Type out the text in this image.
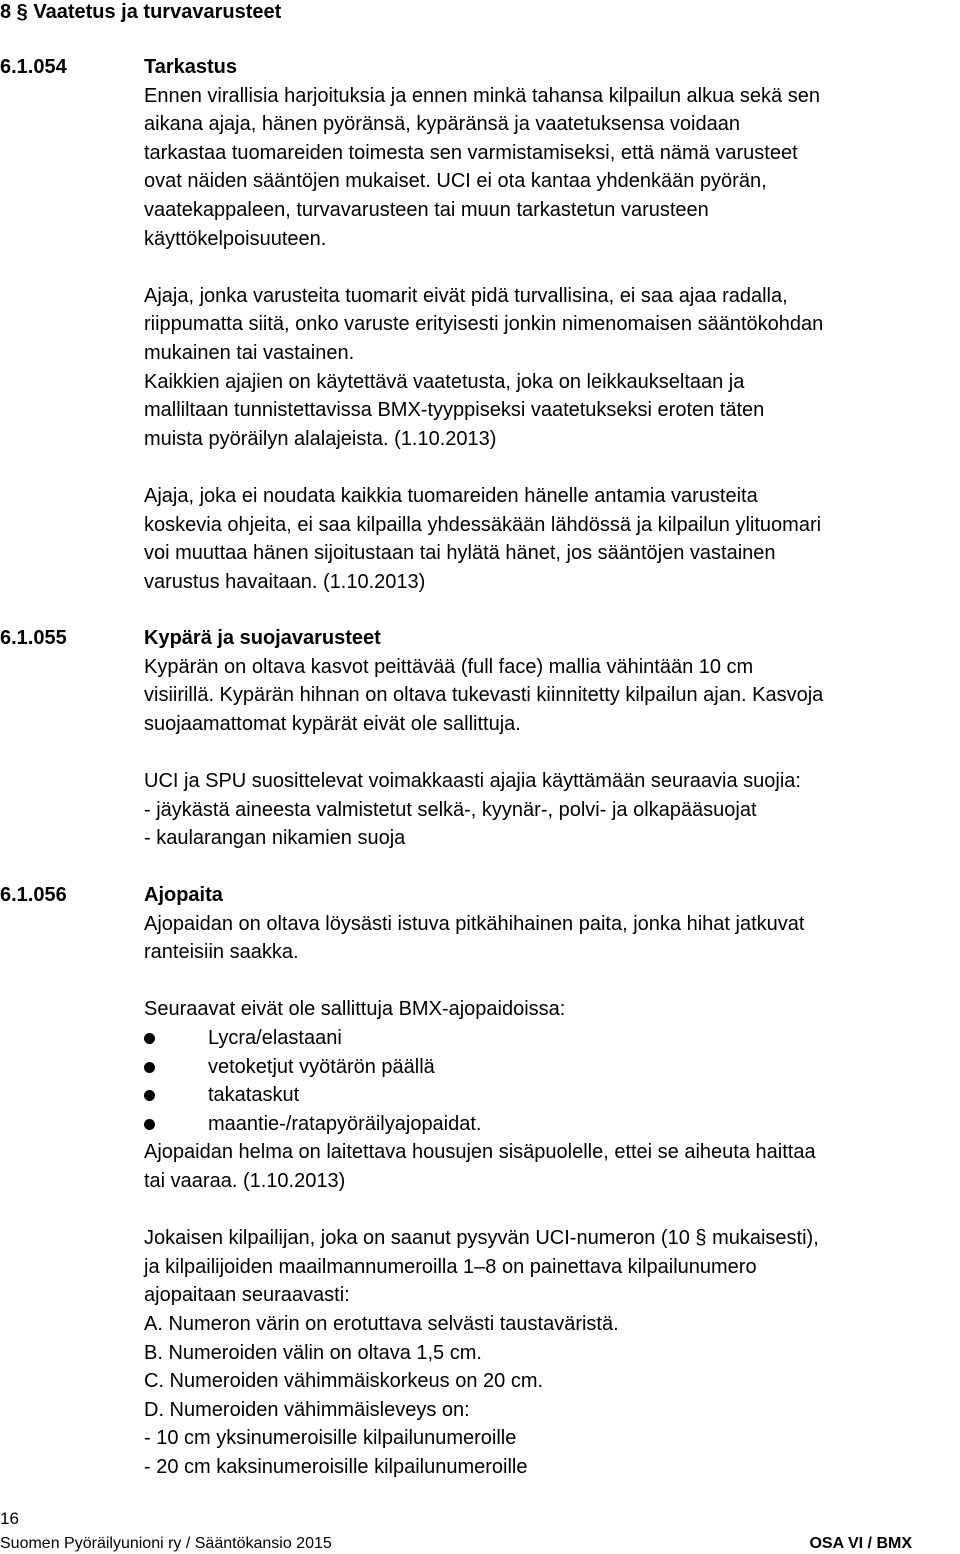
8 § Vaatetus ja turvavarusteet
6.1.054	Tarkastus

Ennen virallisia harjoituksia ja ennen minkä tahansa kilpailun alkua sekä sen

aikana ajaja, hänen pyöränsä, kypäränsä ja vaatetuksensa voidaan

tarkastaa tuomareiden toimesta sen varmistamiseksi, että nämä varusteet

ovat näiden sääntöjen mukaiset. UCI ei ota kantaa yhdenkään pyörän,

vaatekappaleen, turvavarusteen tai muun tarkastetun varusteen

käyttökelpoisuuteen.

Ajaja, jonka varusteita tuomarit eivät pidä turvallisina, ei saa ajaa radalla,

riippumatta siitä, onko varuste erityisesti jonkin nimenomaisen sääntökohdan

mukainen tai vastainen.

Kaikkien ajajien on käytettävä vaatetusta, joka on leikkaukseltaan ja

malliltaan tunnistettavissa BMX-tyyppiseksi vaatetukseksi eroten täten

muista pyöräilyn alalajeista. (1.10.2013)

Ajaja, joka ei noudata kaikkia tuomareiden hänelle antamia varusteita

koskevia ohjeita, ei saa kilpailla yhdessäkään lähdössä ja kilpailun ylituomari

voi muuttaa hänen sijoitustaan tai hylätä hänet, jos sääntöjen vastainen

varustus havaitaan. (1.10.2013)

6.1.055	Kypärä ja suojavarusteet

Kypärän on oltava kasvot peittävää (full face) mallia vähintään 10 cm

visiirillä. Kypärän hihnan on oltava tukevasti kiinnitetty kilpailun ajan. Kasvoja

suojaamattomat kypärät eivät ole sallittuja.

UCI ja SPU suosittelevat voimakkaasti ajajia käyttämään seuraavia suojia:

- jäykästä aineesta valmistetut selkä-, kyynär-, polvi- ja olkapääsuojat

- kaularangan nikamien suoja

6.1.056	Ajopaita

Ajopaidan on oltava löysästi istuva pitkähihainen paita, jonka hihat jatkuvat

ranteisiin saakka.

Seuraavat eivät ole sallittuja BMX-ajopaidoissa:

Lycra/elastaani

vetoketjut vyötärön päällä

takataskut

maantie-/ratapyöräilyajopaidat.

Ajopaidan helma on laitettava housujen sisäpuolelle, ettei se aiheuta haittaa

tai vaaraa. (1.10.2013)

Jokaisen kilpailijan, joka on saanut pysyvän UCI-numeron (10 § mukaisesti),

ja kilpailijoiden maailmannumeroilla 1–8 on painettava kilpailunumero

ajopaitaan seuraavasti:

A. Numeron värin on erotuttava selvästi taustaväristä.

B. Numeroiden välin on oltava 1,5 cm.

C. Numeroiden vähimmäiskorkeus on 20 cm.

D. Numeroiden vähimmäisleveys on:

- 10 cm yksinumeroisille kilpailunumeroille

- 20 cm kaksinumeroisille kilpailunumeroille

16
Suomen Pyöräilyunioni ry / Sääntökansio 2015	OSA VI / BMX
